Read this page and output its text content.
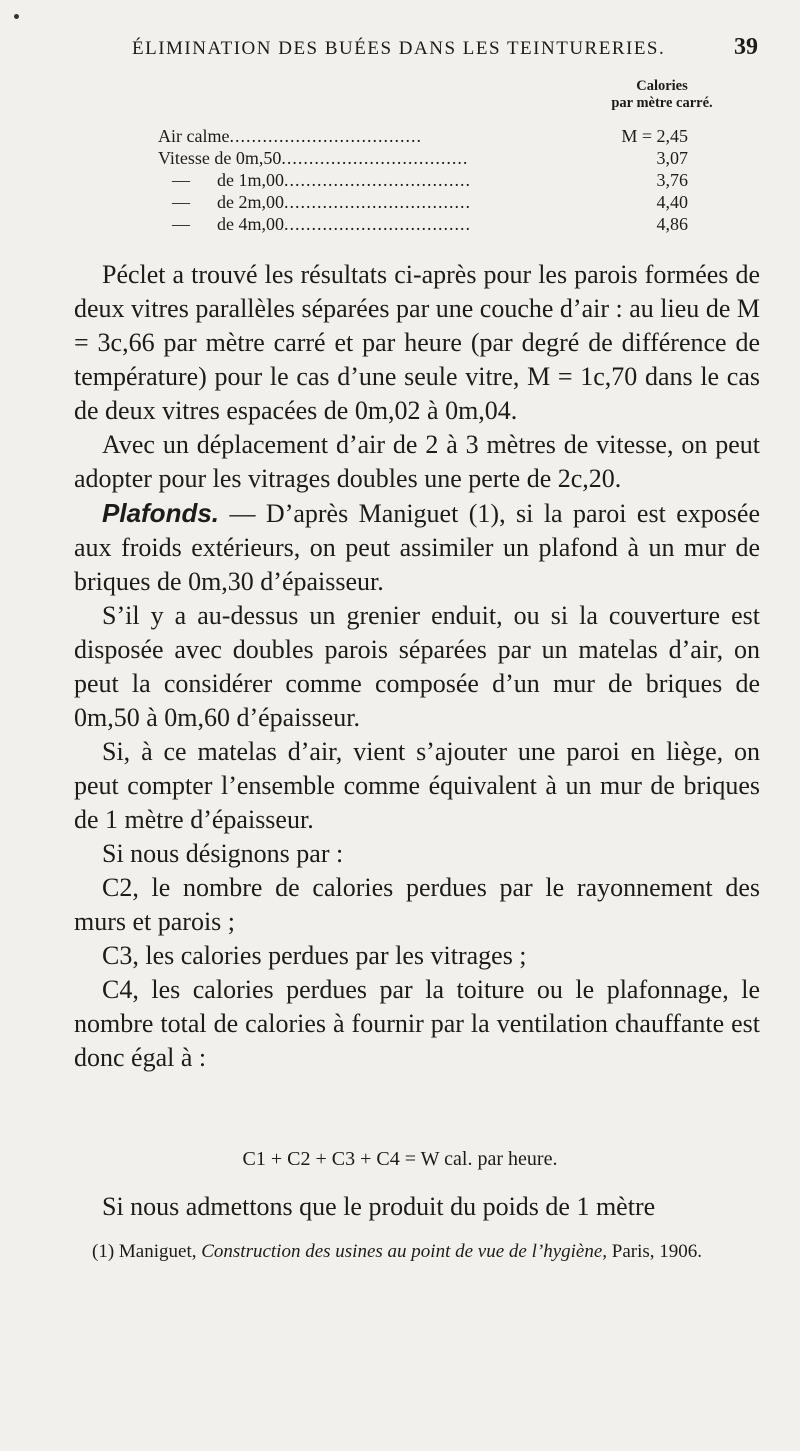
ÉLIMINATION DES BUÉES DANS LES TEINTURERIES.	39
Calories
par mètre carré.
Air calme...................................	M = 2,45
Vitesse de 0m,50..................................	3,07
—      de 1m,00..................................	3,76
—      de 2m,00..................................	4,40
—      de 4m,00..................................	4,86

Péclet a trouvé les résultats ci-après pour les parois formées de deux vitres parallèles séparées par une couche d’air : au lieu de M = 3c,66 par mètre carré et par heure (par degré de différence de température) pour le cas d’une seule vitre, M = 1c,70 dans le cas de deux vitres espacées de 0m,02 à 0m,04.

Avec un déplacement d’air de 2 à 3 mètres de vitesse, on peut adopter pour les vitrages doubles une perte de 2c,20.

Plafonds. — D’après Maniguet (1), si la paroi est exposée aux froids extérieurs, on peut assimiler un plafond à un mur de briques de 0m,30 d’épaisseur.

S’il y a au-dessus un grenier enduit, ou si la couverture est disposée avec doubles parois séparées par un matelas d’air, on peut la considérer comme composée d’un mur de briques de 0m,50 à 0m,60 d’épaisseur.

Si, à ce matelas d’air, vient s’ajouter une paroi en liège, on peut compter l’ensemble comme équivalent à un mur de briques de 1 mètre d’épaisseur.

Si nous désignons par :

C2, le nombre de calories perdues par le rayonnement des murs et parois ;

C3, les calories perdues par les vitrages ;

C4, les calories perdues par la toiture ou le plafonnage, le nombre total de calories à fournir par la ventilation chauffante est donc égal à :

C1 + C2 + C3 + C4 = W cal. par heure.

Si nous admettons que le produit du poids de 1 mètre

(1) Maniguet, Construction des usines au point de vue de l’hygiène, Paris, 1906.
